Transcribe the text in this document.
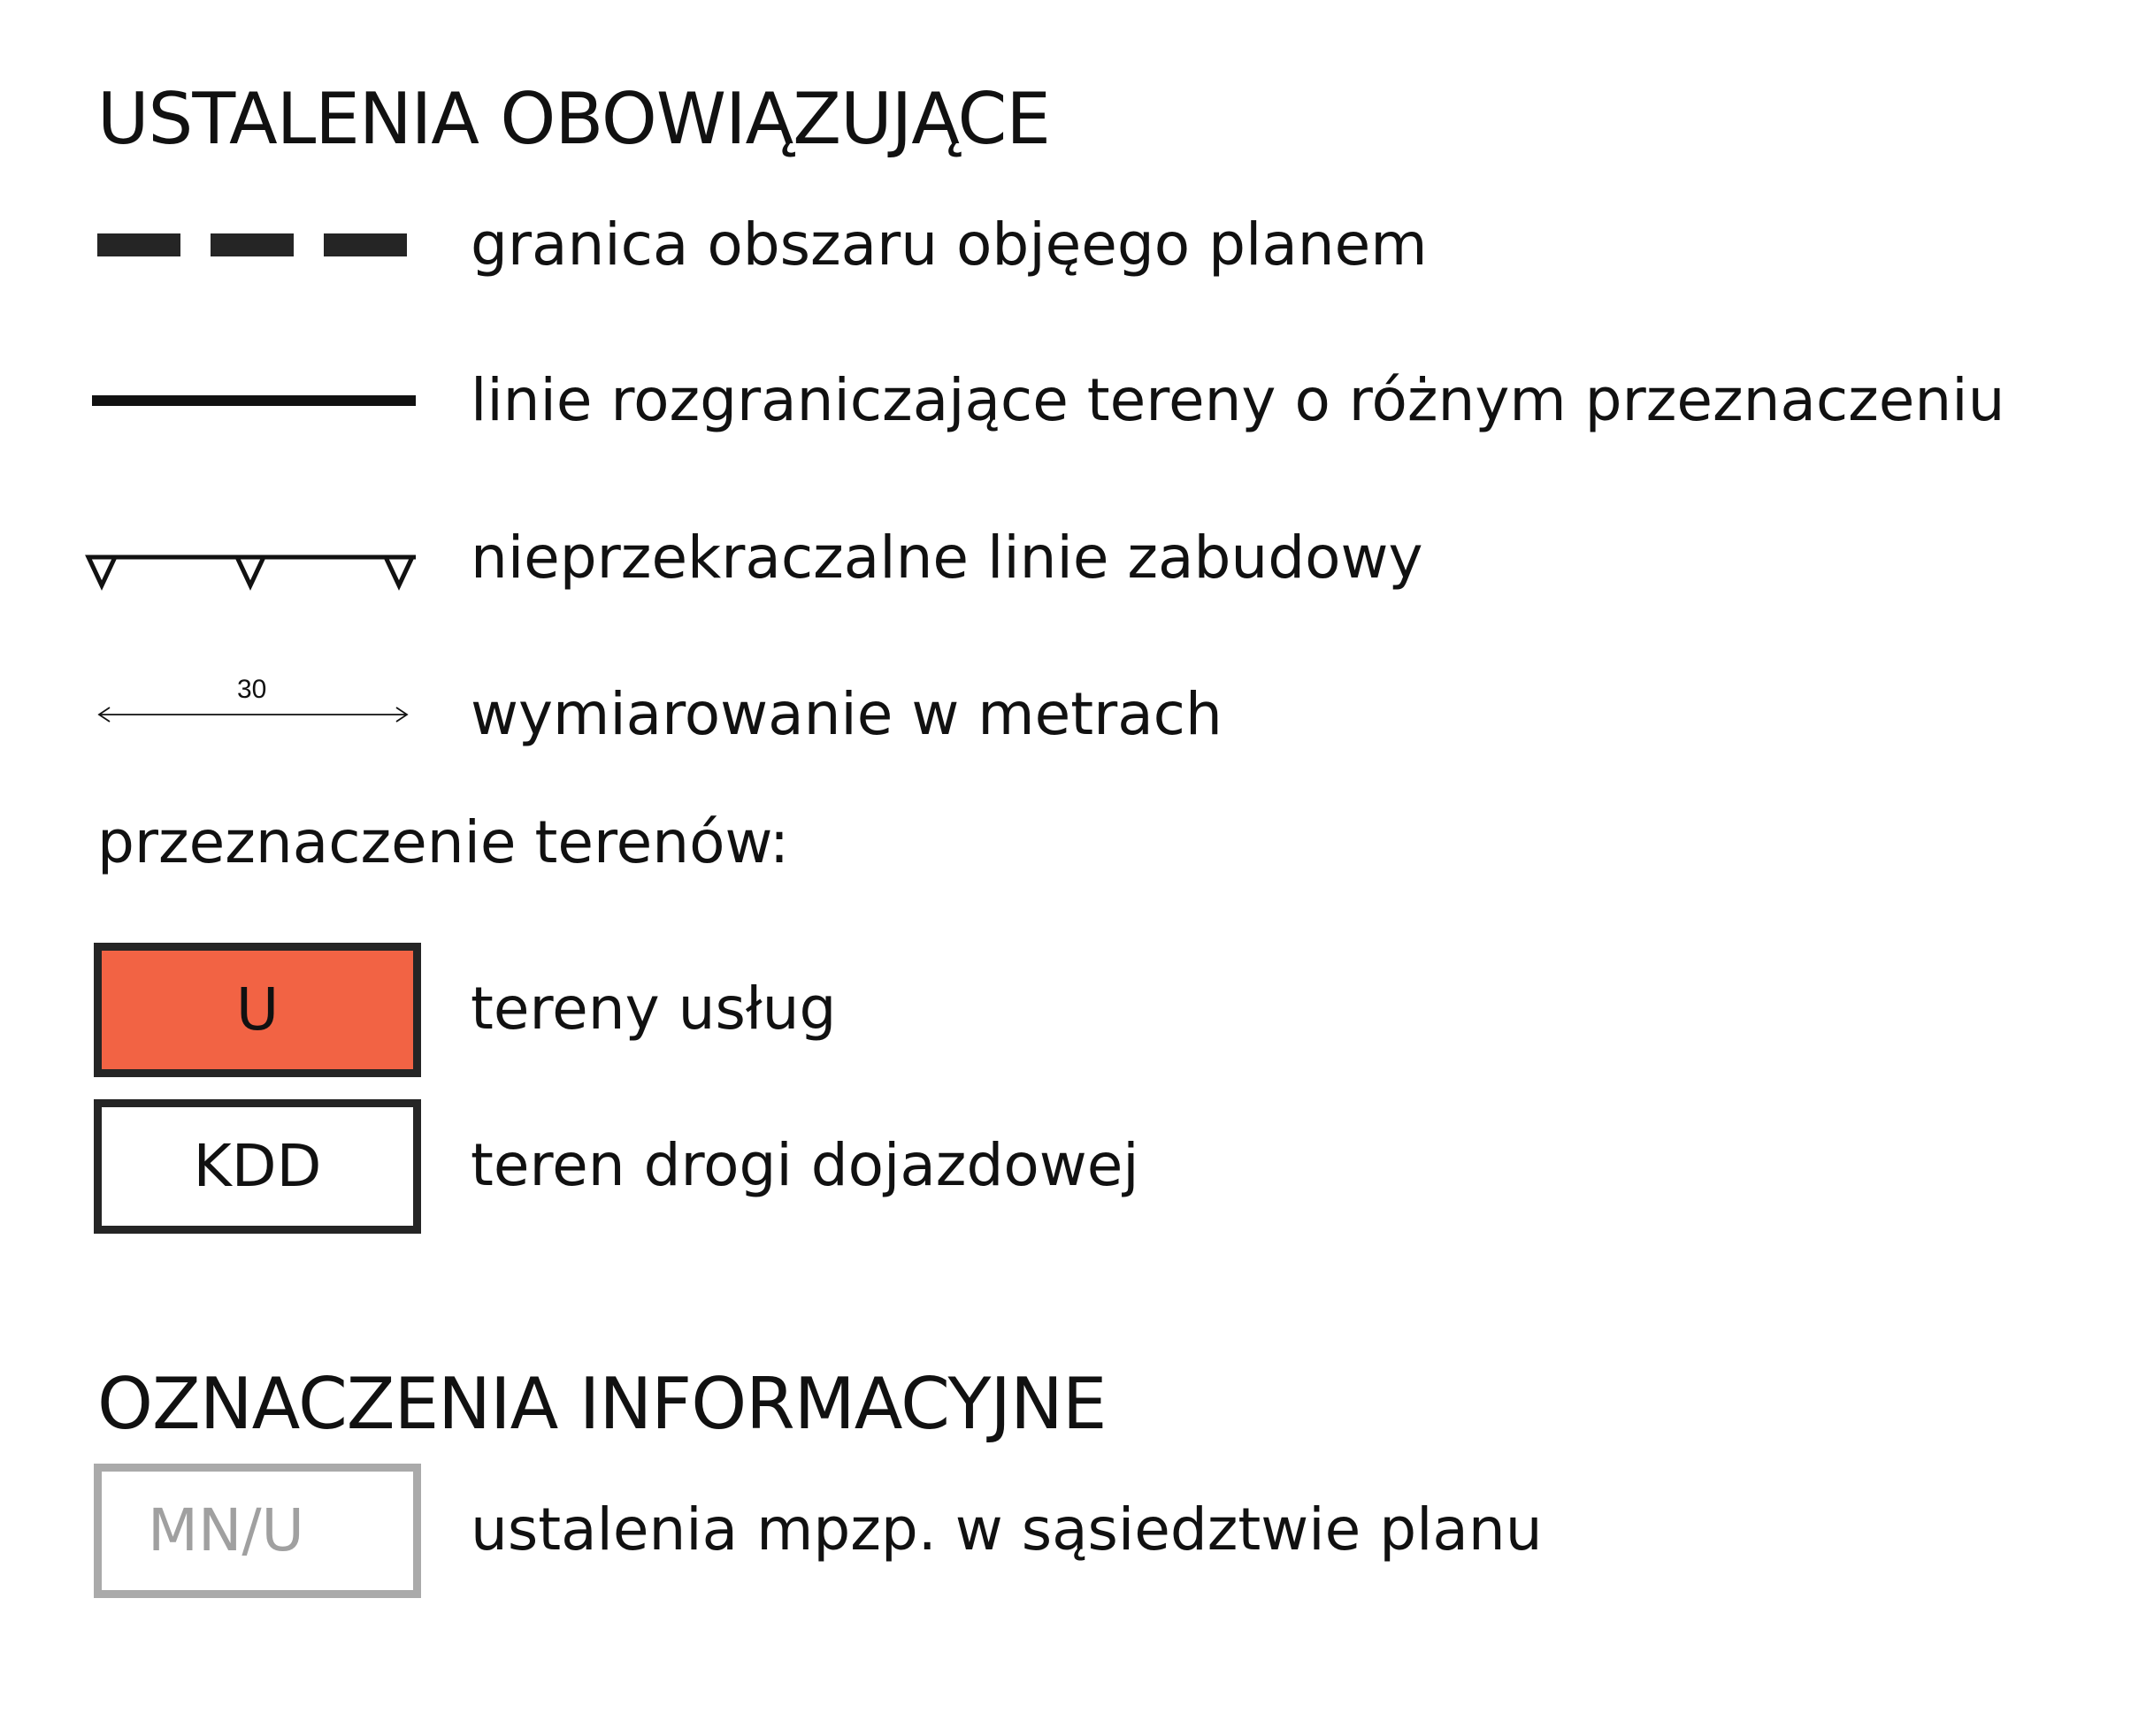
USTALENIA OBOWIĄZUJĄCE
granica obszaru objęego planem
linie rozgraniczające tereny o różnym przeznaczeniu
nieprzekraczalne linie zabudowy
30	wymiarowanie w metrach
przeznaczenie terenów:
U	tereny usług
KDD	teren drogi dojazdowej
OZNACZENIA INFORMACYJNE
MN/U	ustalenia mpzp. w sąsiedztwie planu
